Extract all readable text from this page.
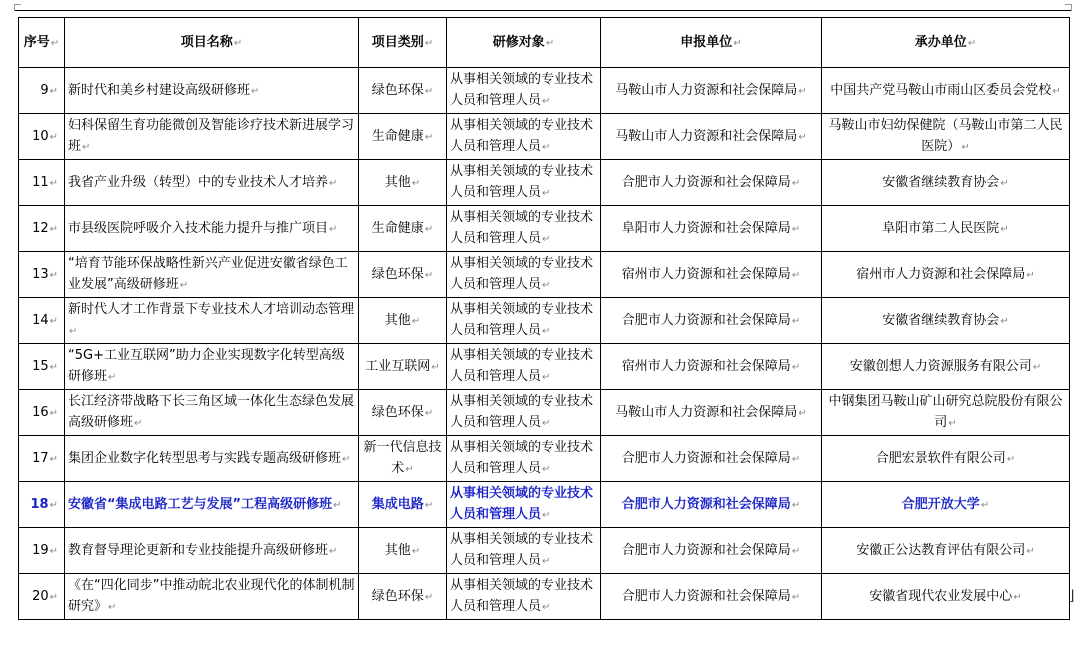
序号↵	项目名称↵	项目类别↵	研修对象↵	申报单位↵	承办单位↵
9↵	新时代和美乡村建设高级研修班↵	绿色环保↵	从事相关领域的专业技术人员和管理人员↵	马鞍山市人力资源和社会保障局↵	中国共产党马鞍山市雨山区委员会党校↵
10↵	妇科保留生育功能微创及智能诊疗技术新进展学习班↵	生命健康↵	从事相关领域的专业技术人员和管理人员↵	马鞍山市人力资源和社会保障局↵	马鞍山市妇幼保健院（马鞍山市第二人民医院）↵
11↵	我省产业升级（转型）中的专业技术人才培养↵	其他↵	从事相关领域的专业技术人员和管理人员↵	合肥市人力资源和社会保障局↵	安徽省继续教育协会↵
12↵	市县级医院呼吸介入技术能力提升与推广项目↵	生命健康↵	从事相关领域的专业技术人员和管理人员↵	阜阳市人力资源和社会保障局↵	阜阳市第二人民医院↵
13↵	“培育节能环保战略性新兴产业促进安徽省绿色工业发展”高级研修班↵	绿色环保↵	从事相关领域的专业技术人员和管理人员↵	宿州市人力资源和社会保障局↵	宿州市人力资源和社会保障局↵
14↵	新时代人才工作背景下专业技术人才培训动态管理↵	其他↵	从事相关领域的专业技术人员和管理人员↵	合肥市人力资源和社会保障局↵	安徽省继续教育协会↵
15↵	“5G+工业互联网”助力企业实现数字化转型高级研修班↵	工业互联网↵	从事相关领域的专业技术人员和管理人员↵	宿州市人力资源和社会保障局↵	安徽创想人力资源服务有限公司↵
16↵	长江经济带战略下长三角区域一体化生态绿色发展高级研修班↵	绿色环保↵	从事相关领域的专业技术人员和管理人员↵	马鞍山市人力资源和社会保障局↵	中钢集团马鞍山矿山研究总院股份有限公司↵
17↵	集团企业数字化转型思考与实践专题高级研修班↵	新一代信息技术↵	从事相关领域的专业技术人员和管理人员↵	合肥市人力资源和社会保障局↵	合肥宏景软件有限公司↵
18↵	安徽省“集成电路工艺与发展”工程高级研修班↵	集成电路↵	从事相关领域的专业技术人员和管理人员↵	合肥市人力资源和社会保障局↵	合肥开放大学↵
19↵	教育督导理论更新和专业技能提升高级研修班↵	其他↵	从事相关领域的专业技术人员和管理人员↵	合肥市人力资源和社会保障局↵	安徽正公达教育评估有限公司↵
20↵	《在“四化同步”中推动皖北农业现代化的体制机制研究》↵	绿色环保↵	从事相关领域的专业技术人员和管理人员↵	合肥市人力资源和社会保障局↵	安徽省现代农业发展中心↵	⌋
